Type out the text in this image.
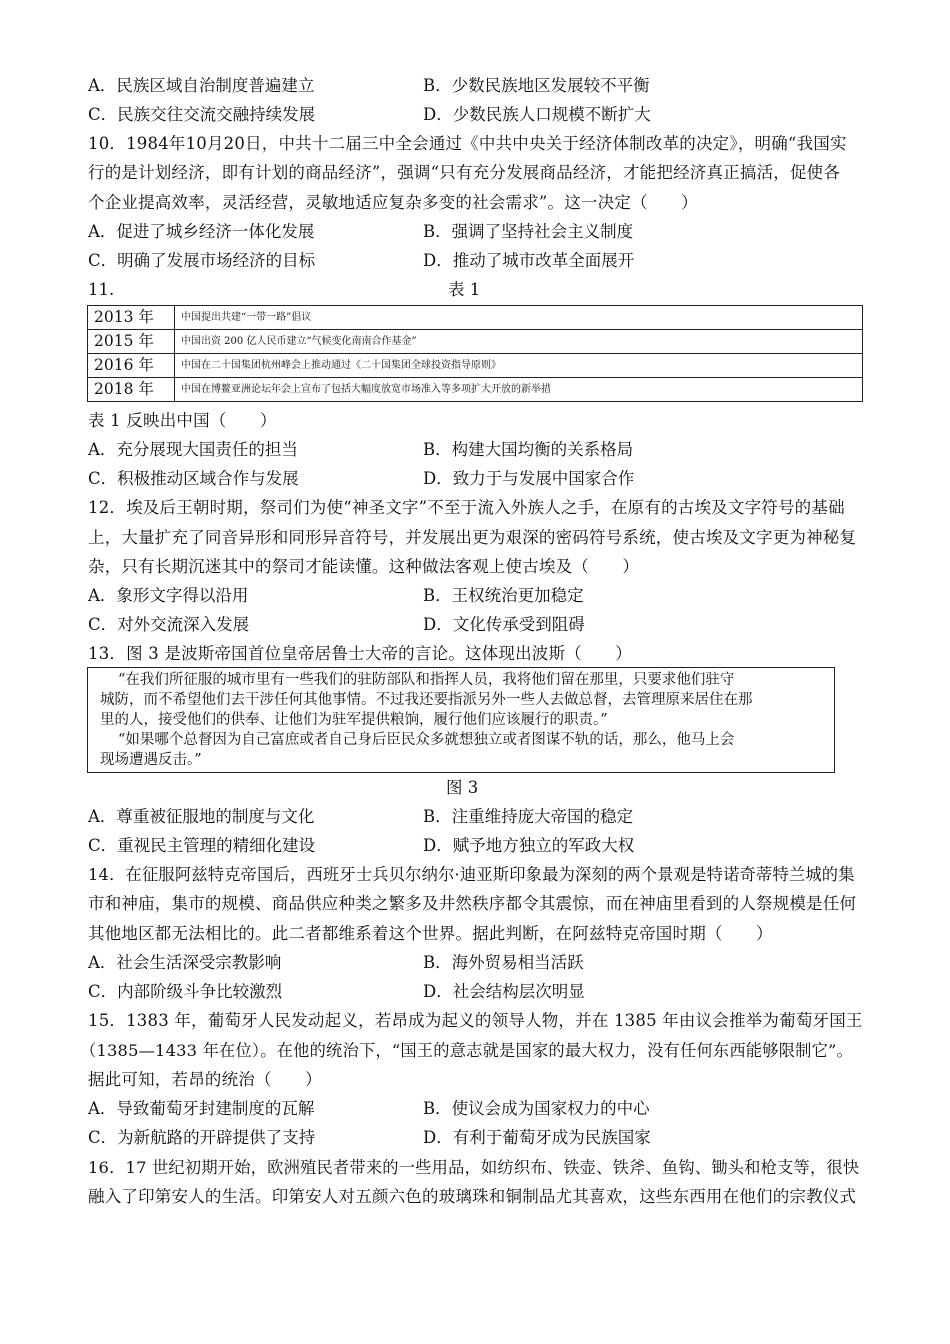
A．民族区域自治制度普遍建立	B．少数民族地区发展较不平衡
C．民族交往交流交融持续发展	D．少数民族人口规模不断扩大
10．1984年10月20日，中共十二届三中全会通过《中共中央关于经济体制改革的决定》，明确“我国实
行的是计划经济，即有计划的商品经济”，强调“只有充分发展商品经济，才能把经济真正搞活，促使各
个企业提高效率，灵活经营，灵敏地适应复杂多变的社会需求”。这一决定（　　）
A．促进了城乡经济一体化发展	B．强调了坚持社会主义制度
C．明确了发展市场经济的目标	D．推动了城市改革全面展开
11.	表 1
2013 年	中国提出共建“一带一路”倡议
2015 年	中国出资 200 亿人民币建立“气候变化南南合作基金”
2016 年	中国在二十国集团杭州峰会上推动通过《二十国集团全球投资指导原则》
2018 年	中国在博鳌亚洲论坛年会上宣布了包括大幅度放宽市场准入等多项扩大开放的新举措
表 1 反映出中国（　　）
A．充分展现大国责任的担当	B．构建大国均衡的关系格局
C．积极推动区域合作与发展	D．致力于与发展中国家合作
12．埃及后王朝时期，祭司们为使“神圣文字”不至于流入外族人之手，在原有的古埃及文字符号的基础
上，大量扩充了同音异形和同形异音符号，并发展出更为艰深的密码符号系统，使古埃及文字更为神秘复
杂，只有长期沉迷其中的祭司才能读懂。这种做法客观上使古埃及（　　）
A．象形文字得以沿用	B．王权统治更加稳定
C．对外交流深入发展	D．文化传承受到阻碍
13．图 3 是波斯帝国首位皇帝居鲁士大帝的言论。这体现出波斯（　　）
“在我们所征服的城市里有一些我们的驻防部队和指挥人员，我将他们留在那里，只要求他们驻守
城防，而不希望他们去干涉任何其他事情。不过我还要指派另外一些人去做总督，去管理原来居住在那
里的人，接受他们的供奉、让他们为驻军提供粮饷，履行他们应该履行的职责。”
“如果哪个总督因为自己富庶或者自己身后臣民众多就想独立或者图谋不轨的话，那么，他马上会
现场遭遇反击。”
图 3
A．尊重被征服地的制度与文化	B．注重维持庞大帝国的稳定
C．重视民主管理的精细化建设	D．赋予地方独立的军政大权
14．在征服阿兹特克帝国后，西班牙士兵贝尔纳尔·迪亚斯印象最为深刻的两个景观是特诺奇蒂特兰城的集
市和神庙，集市的规模、商品供应种类之繁多及井然秩序都令其震惊，而在神庙里看到的人祭规模是任何
其他地区都无法相比的。此二者都维系着这个世界。据此判断，在阿兹特克帝国时期（　　）
A．社会生活深受宗教影响	B．海外贸易相当活跃
C．内部阶级斗争比较激烈	D．社会结构层次明显
15．1383 年，葡萄牙人民发动起义，若昂成为起义的领导人物，并在 1385 年由议会推举为葡萄牙国王
（1385—1433 年在位）。在他的统治下，“国王的意志就是国家的最大权力，没有任何东西能够限制它”。
据此可知，若昂的统治（　　）
A．导致葡萄牙封建制度的瓦解	B．使议会成为国家权力的中心
C．为新航路的开辟提供了支持	D．有利于葡萄牙成为民族国家
16．17 世纪初期开始，欧洲殖民者带来的一些用品，如纺织布、铁壶、铁斧、鱼钩、锄头和枪支等，很快
融入了印第安人的生活。印第安人对五颜六色的玻璃珠和铜制品尤其喜欢，这些东西用在他们的宗教仪式
